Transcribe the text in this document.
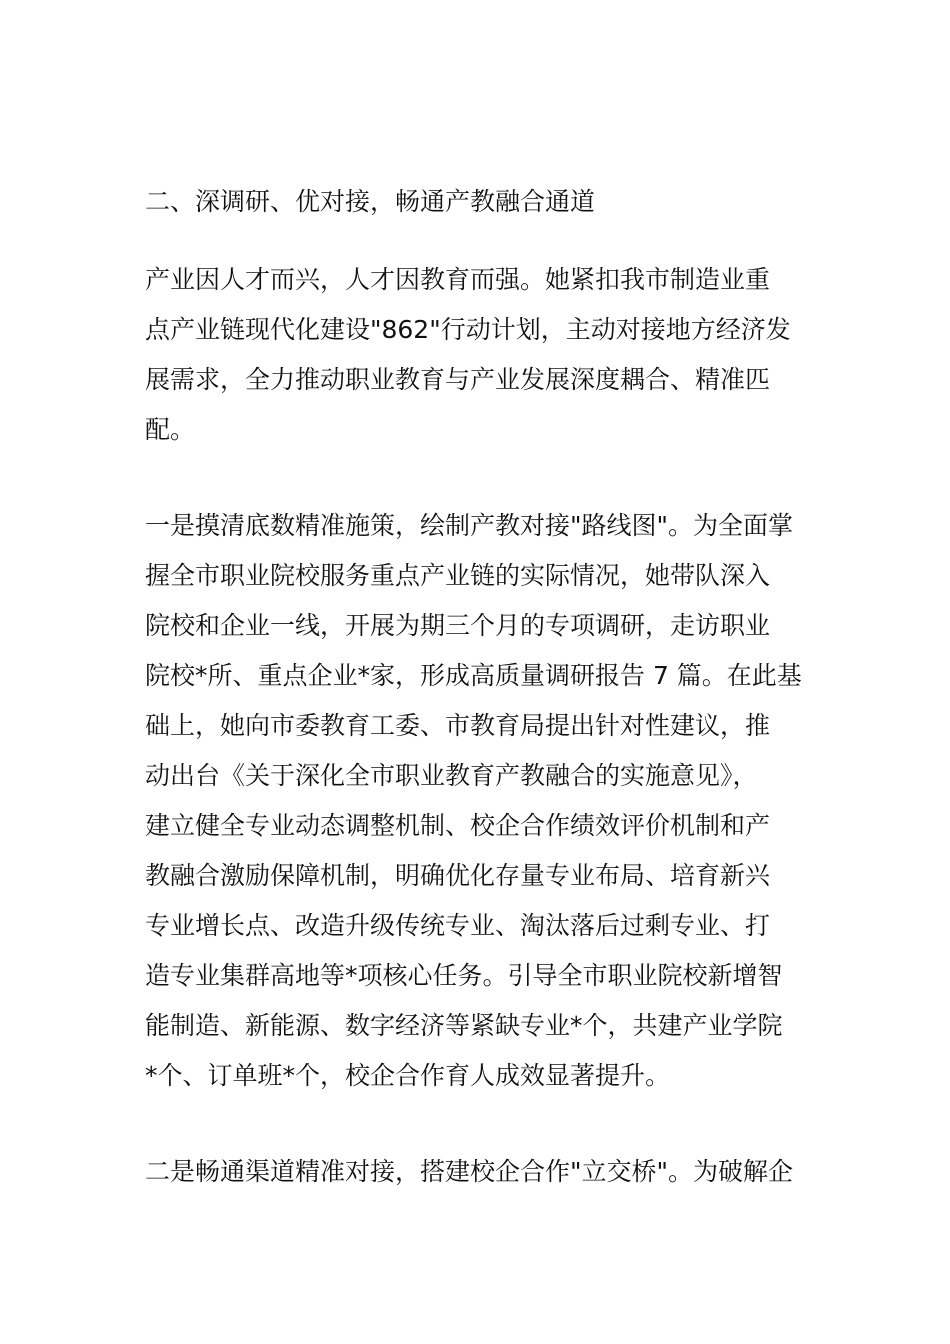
二、深调研、优对接，畅通产教融合通道

产业因人才而兴，人才因教育而强。她紧扣我市制造业重
点产业链现代化建设"862"行动计划，主动对接地方经济发
展需求，全力推动职业教育与产业发展深度耦合、精准匹
配。

一是摸清底数精准施策，绘制产教对接"路线图"。为全面掌
握全市职业院校服务重点产业链的实际情况，她带队深入
院校和企业一线，开展为期三个月的专项调研，走访职业
院校*所、重点企业*家，形成高质量调研报告 7 篇。在此基
础上，她向市委教育工委、市教育局提出针对性建议，推
动出台《关于深化全市职业教育产教融合的实施意见》，
建立健全专业动态调整机制、校企合作绩效评价机制和产
教融合激励保障机制，明确优化存量专业布局、培育新兴
专业增长点、改造升级传统专业、淘汰落后过剩专业、打
造专业集群高地等*项核心任务。引导全市职业院校新增智
能制造、新能源、数字经济等紧缺专业*个，共建产业学院
*个、订单班*个，校企合作育人成效显著提升。

二是畅通渠道精准对接，搭建校企合作"立交桥"。为破解企
